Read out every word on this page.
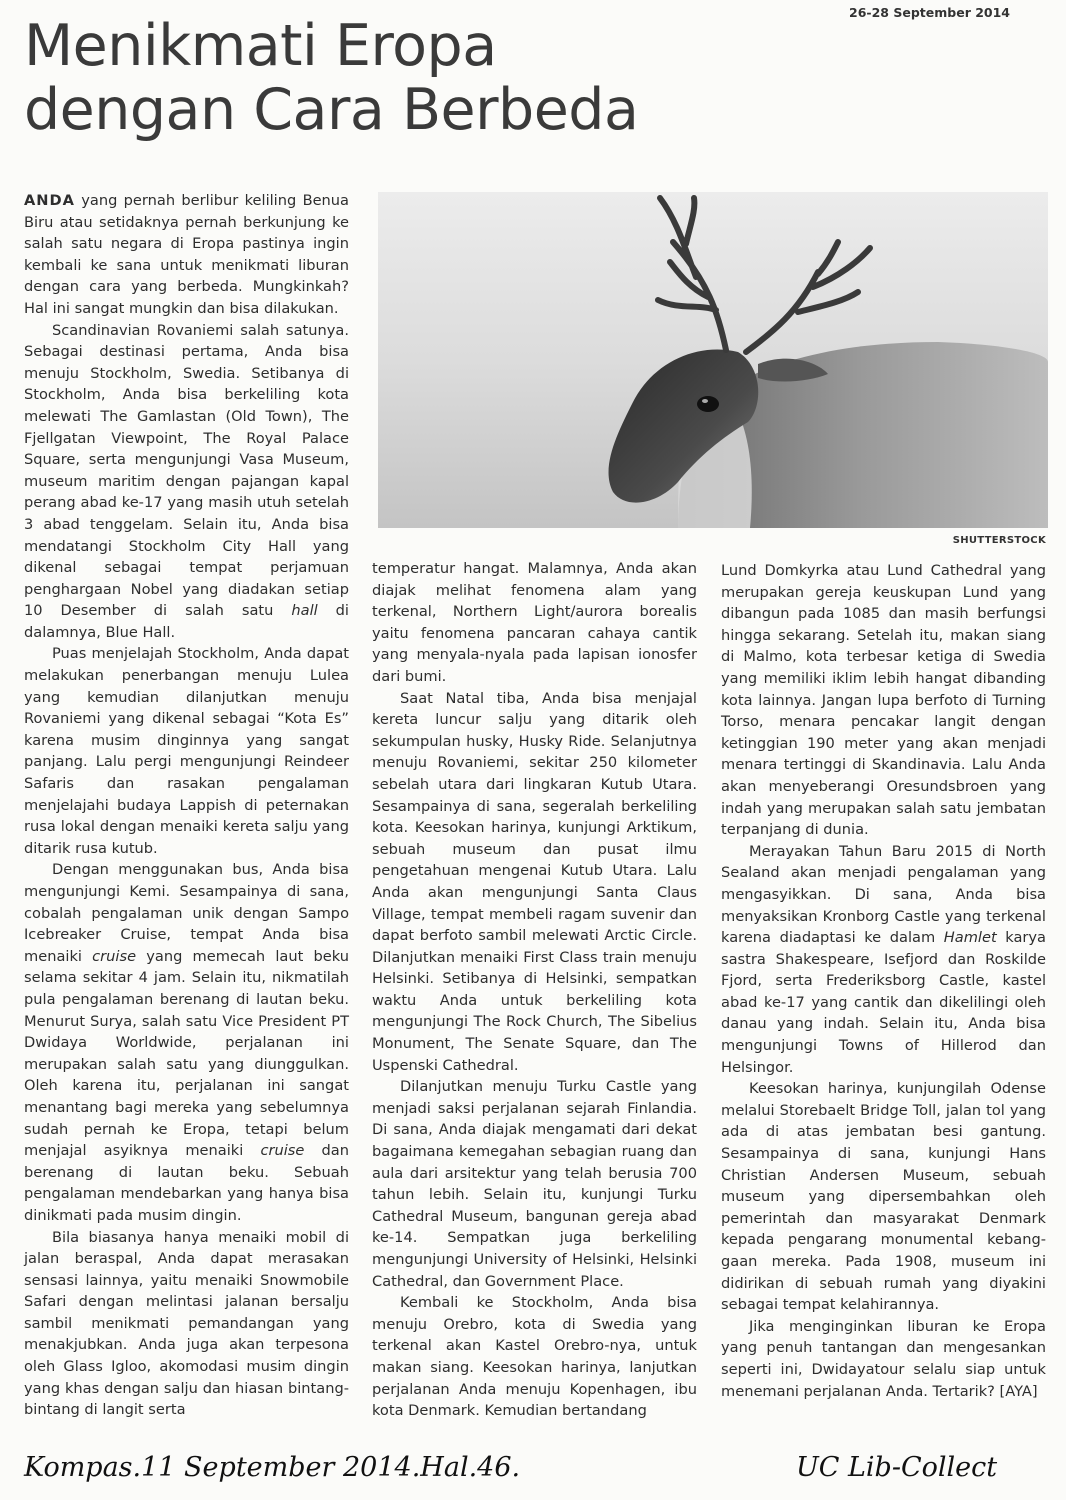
26-28 September 2014
Menikmati Eropa
dengan Cara Berbeda
SHUTTERSTOCK

ANDA yang pernah berlibur keliling Benua Biru atau setidaknya pernah berkunjung ke salah satu negara di Eropa pastinya ingin kembali ke sana untuk menikmati liburan dengan cara yang berbeda. Mungkinkah? Hal ini sangat mungkin dan bisa dilakukan.

Scandinavian Rovaniemi salah satunya. Sebagai destinasi pertama, Anda bisa menuju Stockholm, Swedia. Setibanya di Stockholm, Anda bisa berkeliling kota melewati The Gamlastan (Old Town), The Fjellgatan Viewpoint, The Royal Palace Square, serta mengunjungi Vasa Museum, museum maritim dengan pajangan kapal perang abad ke-17 yang masih utuh setelah 3 abad tenggelam. Selain itu, Anda bisa mendatangi Stockholm City Hall yang dikenal sebagai tempat perjamuan penghargaan Nobel yang diadakan setiap 10 Desember di salah satu hall di dalamnya, Blue Hall.

Puas menjelajah Stockholm, Anda dapat melakukan penerbangan menuju Lulea yang kemudian dilanjutkan menuju Rovaniemi yang dikenal sebagai “Kota Es” karena musim dinginnya yang sangat panjang. Lalu pergi mengunjungi Reindeer Safaris dan rasakan pengalaman menjelajahi budaya Lappish di peternakan rusa lokal dengan menaiki kereta salju yang ditarik rusa kutub.

Dengan menggunakan bus, Anda bisa mengunjungi Kemi. Sesampainya di sana, cobalah pengalaman unik dengan Sampo Icebreaker Cruise, tempat Anda bisa menaiki cruise yang memecah laut beku selama sekitar 4 jam. Selain itu, nikmatilah pula pengalaman berenang di lautan beku. Menurut Surya, salah satu Vice President PT Dwidaya Worldwide, perjalanan ini merupakan salah satu yang diunggulkan. Oleh karena itu, perjalanan ini sangat menantang bagi mereka yang sebelumnya sudah pernah ke Eropa, tetapi belum menjajal asyiknya menaiki cruise dan berenang di lautan beku. Sebuah pengalaman mendebarkan yang hanya bisa dinikmati pada musim dingin.

Bila biasanya hanya menaiki mobil di jalan beraspal, Anda dapat merasakan sensasi lainnya, yaitu menaiki Snowmobile Safari dengan melintasi jalanan bersalju sambil menikmati pemandangan yang menakjubkan. Anda juga akan terpesona oleh Glass Igloo, akomodasi musim dingin yang khas dengan salju dan hiasan bintang-bintang di langit serta

temperatur hangat. Malamnya, Anda akan diajak melihat fenomena alam yang terkenal, Northern Light/aurora borealis yaitu fenomena pancaran cahaya cantik yang menyala-nyala pada lapisan ionosfer dari bumi.

Saat Natal tiba, Anda bisa menjajal kereta luncur salju yang ditarik oleh sekumpulan husky, Husky Ride. Selanjutnya menuju Rovaniemi, sekitar 250 kilometer sebelah utara dari lingkaran Kutub Utara. Sesampainya di sana, segeralah berkeliling kota. Keesokan harinya, kunjungi Arktikum, sebuah museum dan pusat ilmu pengetahuan mengenai Kutub Utara. Lalu Anda akan mengunjungi Santa Claus Village, tempat membeli ragam suvenir dan dapat berfoto sambil melewati Arctic Circle. Dilanjutkan menaiki First Class train menuju Helsinki. Setibanya di Helsinki, sempatkan waktu Anda untuk berkeliling kota mengunjungi The Rock Church, The Sibelius Monument, The Senate Square, dan The Uspenski Cathedral.

Dilanjutkan menuju Turku Castle yang menjadi saksi perjalanan sejarah Finlandia. Di sana, Anda diajak mengamati dari dekat bagaimana kemegahan sebagian ruang dan aula dari arsitektur yang telah berusia 700 tahun lebih. Selain itu, kunjungi Turku Cathedral Museum, bangunan gereja abad ke-14. Sempatkan juga berkeliling mengunjungi University of Helsinki, Helsinki Cathedral, dan Government Place.

Kembali ke Stockholm, Anda bisa menuju Orebro, kota di Swedia yang terkenal akan Kastel Orebro-nya, untuk makan siang. Keesokan harinya, lanjutkan perjalanan Anda menuju Kopenhagen, ibu kota Denmark. Kemudian bertandang

Lund Domkyrka atau Lund Cathedral yang merupakan gereja keuskupan Lund yang dibangun pada 1085 dan masih berfungsi hingga sekarang. Setelah itu, makan siang di Malmo, kota terbesar ketiga di Swedia yang memiliki iklim lebih hangat dibanding kota lainnya. Jangan lupa berfoto di Turning Torso, menara pencakar langit dengan ketinggian 190 meter yang akan menjadi menara tertinggi di Skandinavia. Lalu Anda akan menyeberangi Oresundsbroen yang indah yang merupakan salah satu jembatan terpanjang di dunia.

Merayakan Tahun Baru 2015 di North Sealand akan menjadi pengalaman yang mengasyikkan. Di sana, Anda bisa menyaksikan Kronborg Castle yang terkenal karena diadaptasi ke dalam Hamlet karya sastra Shakespeare, Isefjord dan Roskilde Fjord, serta Frederiksborg Castle, kastel abad ke-17 yang cantik dan dikelilingi oleh danau yang indah. Selain itu, Anda bisa mengunjungi Towns of Hillerod dan Helsingor.

Keesokan harinya, kunjungilah Odense melalui Storebaelt Bridge Toll, jalan tol yang ada di atas jembatan besi gantung. Sesampainya di sana, kunjungi Hans Christian Andersen Museum, sebuah museum yang dipersembahkan oleh pemerintah dan masyarakat Denmark kepada pengarang monumental kebang-gaan mereka. Pada 1908, museum ini didirikan di sebuah rumah yang diyakini sebagai tempat kelahirannya.

Jika menginginkan liburan ke Eropa yang penuh tantangan dan mengesankan seperti ini, Dwidayatour selalu siap untuk menemani perjalanan Anda. Tertarik? [AYA]

Kompas.11 September 2014.Hal.46.	UC Lib-Collect
